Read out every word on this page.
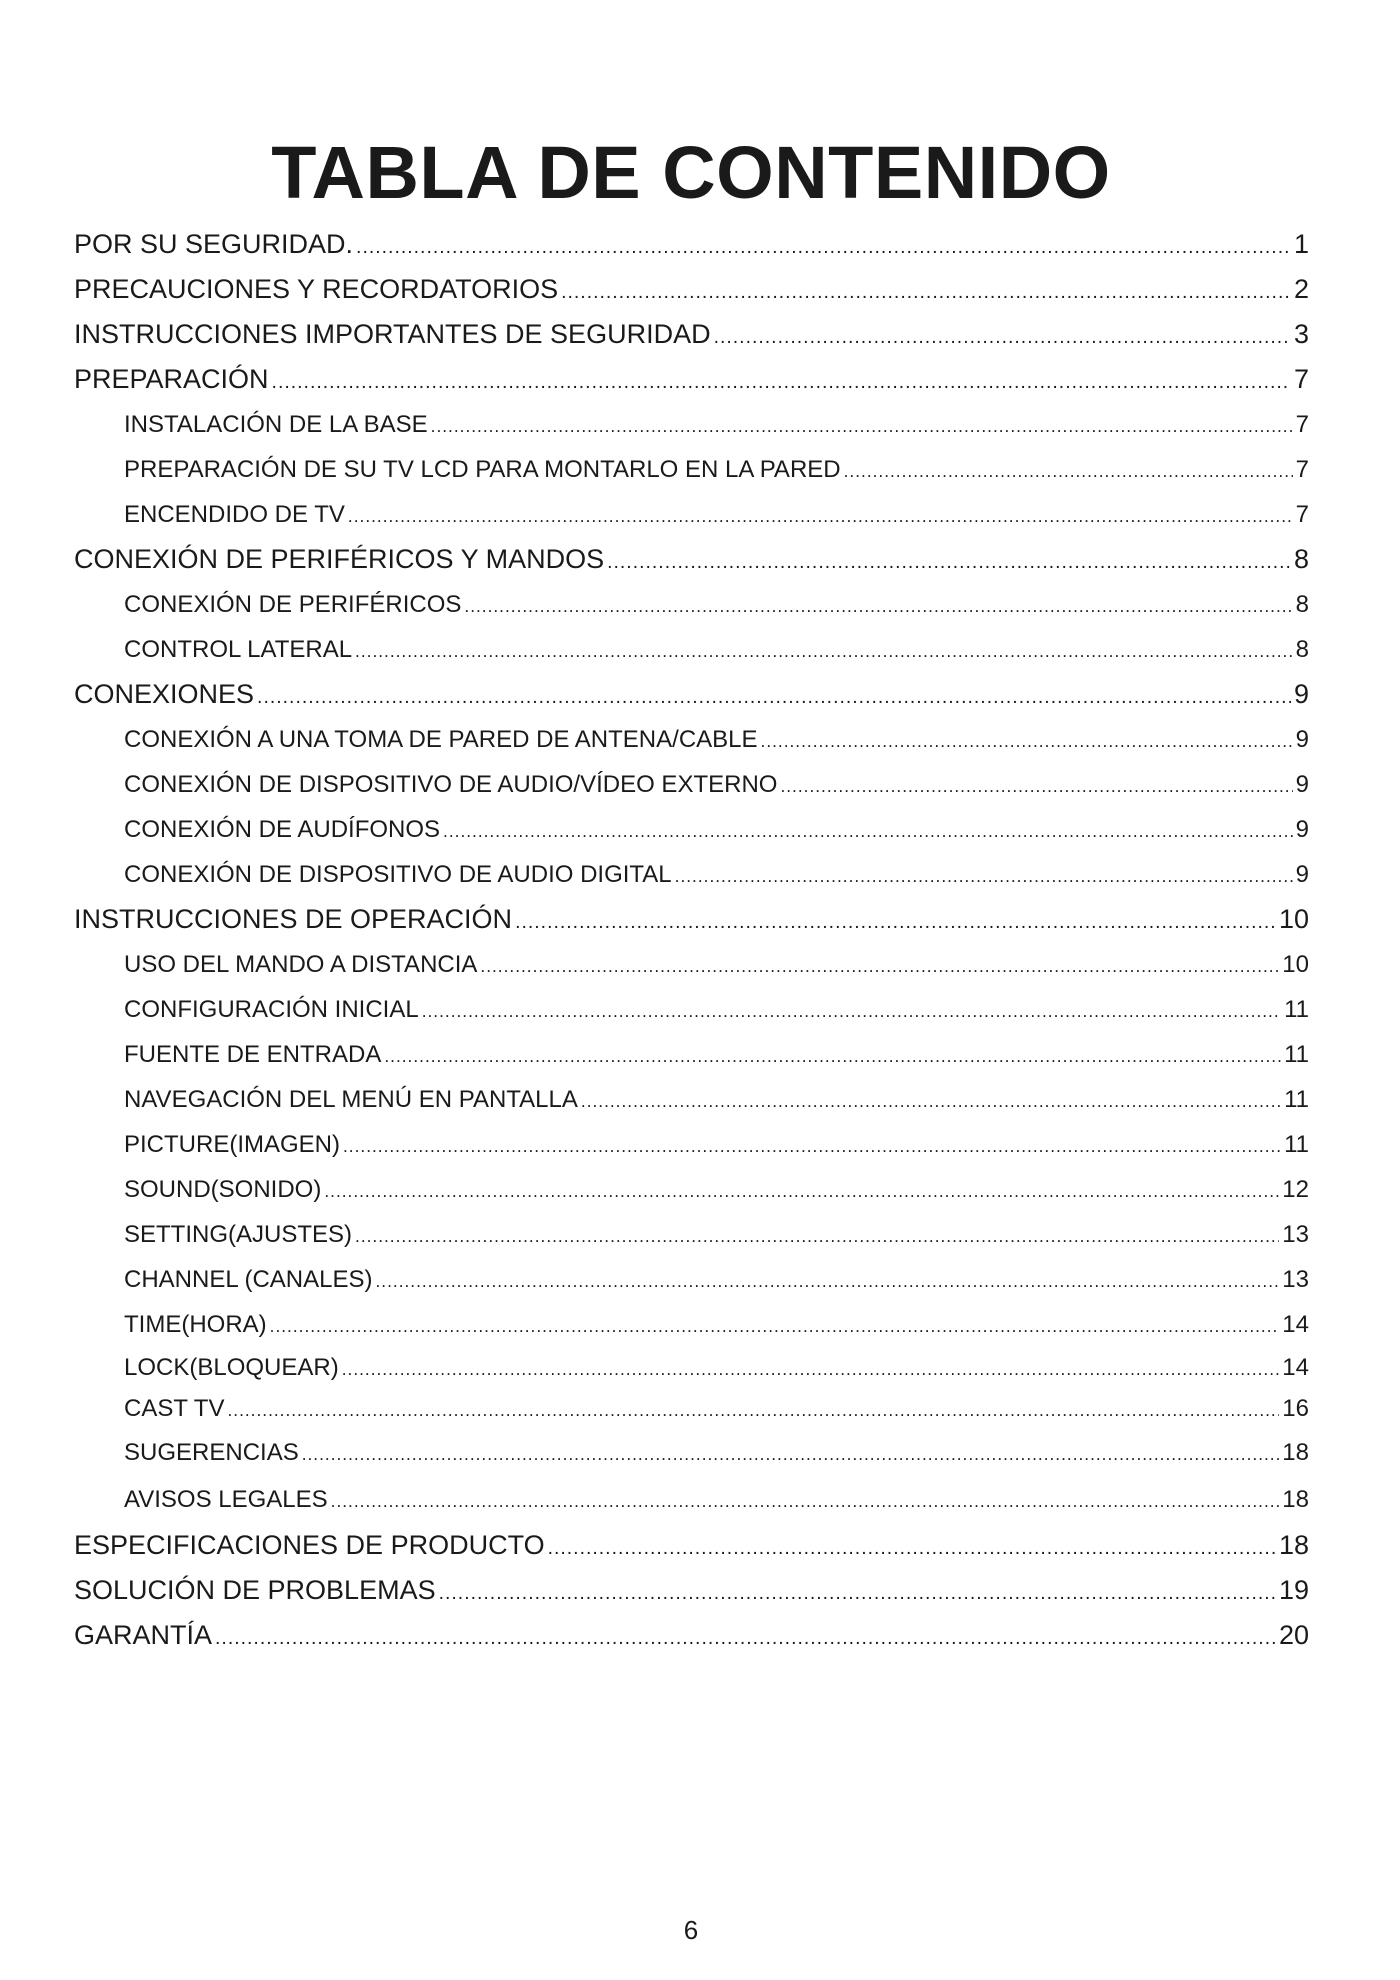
TABLA DE CONTENIDO
POR SU SEGURIDAD. .....	1
PRECAUCIONES Y RECORDATORIOS .....	2
INSTRUCCIONES IMPORTANTES DE SEGURIDAD .....	3
PREPARACIÓN .....	7
INSTALACIÓN DE LA BASE .....	7
PREPARACIÓN DE SU TV LCD PARA MONTARLO EN LA PARED .....	7
ENCENDIDO DE TV .....	7
CONEXIÓN DE PERIFÉRICOS Y MANDOS .....	8
CONEXIÓN DE PERIFÉRICOS .....	8
CONTROL LATERAL .....	8
CONEXIONES .....	9
CONEXIÓN A UNA TOMA DE PARED DE ANTENA/CABLE .....	9
CONEXIÓN DE DISPOSITIVO DE AUDIO/VÍDEO EXTERNO .....	9
CONEXIÓN DE AUDÍFONOS .....	9
CONEXIÓN DE DISPOSITIVO DE AUDIO DIGITAL .....	9
INSTRUCCIONES DE OPERACIÓN .....	10
USO DEL MANDO A DISTANCIA .....	10
CONFIGURACIÓN INICIAL .....	11
FUENTE DE ENTRADA .....	11
NAVEGACIÓN DEL MENÚ EN PANTALLA .....	11
PICTURE(IMAGEN) .....	11
SOUND(SONIDO) .....	12
SETTING(AJUSTES) .....	13
CHANNEL (CANALES) .....	13
TIME(HORA) .....	14
LOCK(BLOQUEAR) .....	14
CAST TV .....	16
SUGERENCIAS .....	18
AVISOS LEGALES .....	18
ESPECIFICACIONES DE PRODUCTO .....	18
SOLUCIÓN DE PROBLEMAS .....	19
GARANTÍA .....	20
6
